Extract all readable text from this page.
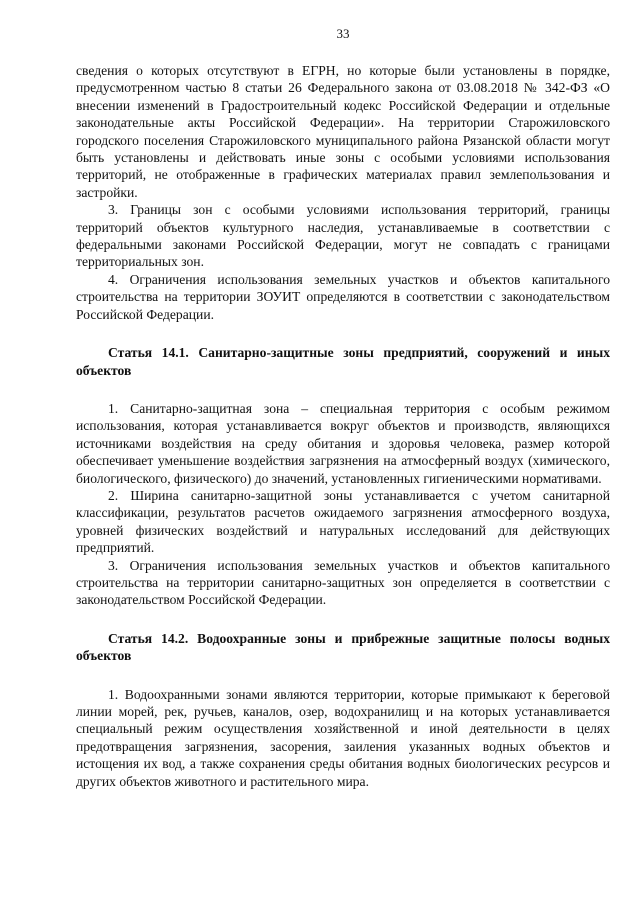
33

сведения о которых отсутствуют в ЕГРН, но которые были установлены в порядке, предусмотренном частью 8 статьи 26 Федерального закона от 03.08.2018 № 342-ФЗ «О внесении изменений в Градостроительный кодекс Российской Федерации и отдельные законодательные акты Российской Федерации». На территории Старожиловского городского поселения Старожиловского муниципального района Рязанской области могут быть установлены и действовать иные зоны с особыми условиями использования территорий, не отображенные в графических материалах правил землепользования и застройки.

3. Границы зон с особыми условиями использования территорий, границы территорий объектов культурного наследия, устанавливаемые в соответствии с федеральными законами Российской Федерации, могут не совпадать с границами территориальных зон.

4. Ограничения использования земельных участков и объектов капитального строительства на территории ЗОУИТ определяются в соответствии с законодательством Российской Федерации.

Статья 14.1. Санитарно-защитные зоны предприятий, сооружений и иных объектов

1. Санитарно-защитная зона – специальная территория с особым режимом использования, которая устанавливается вокруг объектов и производств, являющихся источниками воздействия на среду обитания и здоровья человека, размер которой обеспечивает уменьшение воздействия загрязнения на атмосферный воздух (химического, биологического, физического) до значений, установленных гигиеническими нормативами.

2. Ширина санитарно-защитной зоны устанавливается с учетом санитарной классификации, результатов расчетов ожидаемого загрязнения атмосферного воздуха, уровней физических воздействий и натуральных исследований для действующих предприятий.

3. Ограничения использования земельных участков и объектов капитального строительства на территории санитарно-защитных зон определяется в соответствии с законодательством Российской Федерации.

Статья 14.2. Водоохранные зоны и прибрежные защитные полосы водных объектов

1. Водоохранными зонами являются территории, которые примыкают к береговой линии морей, рек, ручьев, каналов, озер, водохранилищ и на которых устанавливается специальный режим осуществления хозяйственной и иной деятельности в целях предотвращения загрязнения, засорения, заиления указанных водных объектов и истощения их вод, а также сохранения среды обитания водных биологических ресурсов и других объектов животного и растительного мира.
